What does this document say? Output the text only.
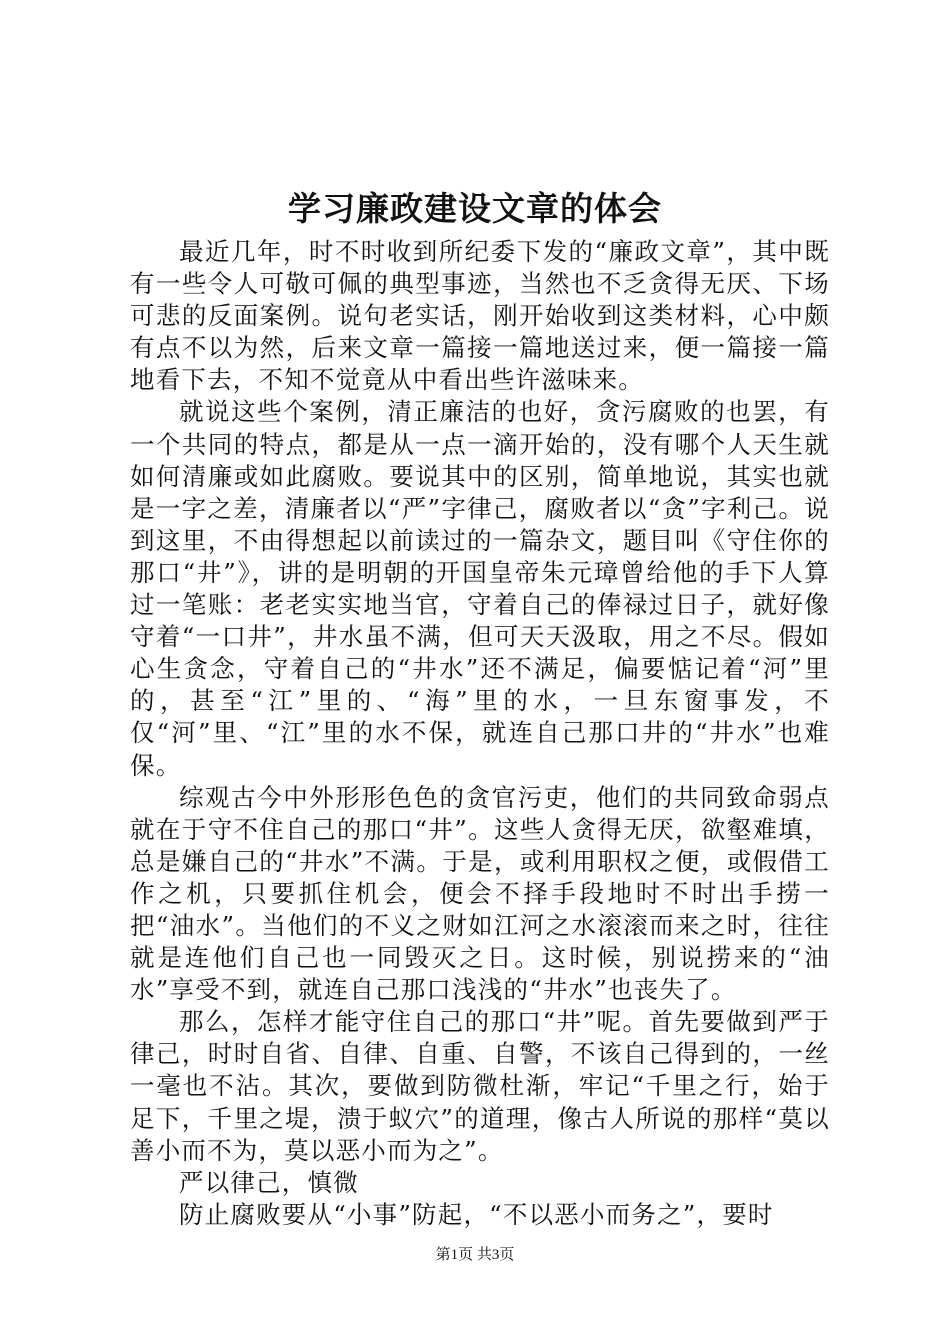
学习廉政建设文章的体会

最近几年，时不时收到所纪委下发的“廉政文章”，其中既有一些令人可敬可佩的典型事迹，当然也不乏贪得无厌、下场可悲的反面案例。说句老实话，刚开始收到这类材料，心中颇有点不以为然，后来文章一篇接一篇地送过来，便一篇接一篇地看下去，不知不觉竟从中看出些许滋味来。

就说这些个案例，清正廉洁的也好，贪污腐败的也罢，有一个共同的特点，都是从一点一滴开始的，没有哪个人天生就如何清廉或如此腐败。要说其中的区别，简单地说，其实也就是一字之差，清廉者以“严”字律己，腐败者以“贪”字利己。说到这里，不由得想起以前读过的一篇杂文，题目叫《守住你的那口“井”》，讲的是明朝的开国皇帝朱元璋曾给他的手下人算过一笔账：老老实实地当官，守着自己的俸禄过日子，就好像守着“一口井”，井水虽不满，但可天天汲取，用之不尽。假如心生贪念，守着自己的“井水”还不满足，偏要惦记着“河”里的，甚至“江”里的、“海”里的水，一旦东窗事发，不仅“河”里、“江”里的水不保，就连自己那口井的“井水”也难保。

综观古今中外形形色色的贪官污吏，他们的共同致命弱点就在于守不住自己的那口“井”。这些人贪得无厌，欲壑难填，总是嫌自己的“井水”不满。于是，或利用职权之便，或假借工作之机，只要抓住机会，便会不择手段地时不时出手捞一把“油水”。当他们的不义之财如江河之水滚滚而来之时，往往就是连他们自己也一同毁灭之日。这时候，别说捞来的“油水”享受不到，就连自己那口浅浅的“井水”也丧失了。

那么，怎样才能守住自己的那口“井”呢。首先要做到严于律己，时时自省、自律、自重、自警，不该自己得到的，一丝一毫也不沾。其次，要做到防微杜渐，牢记“千里之行，始于足下，千里之堤，溃于蚁穴”的道理，像古人所说的那样“莫以善小而不为，莫以恶小而为之”。

严以律己，慎微

防止腐败要从“小事”防起，“不以恶小而务之”，要时

第1页 共3页
